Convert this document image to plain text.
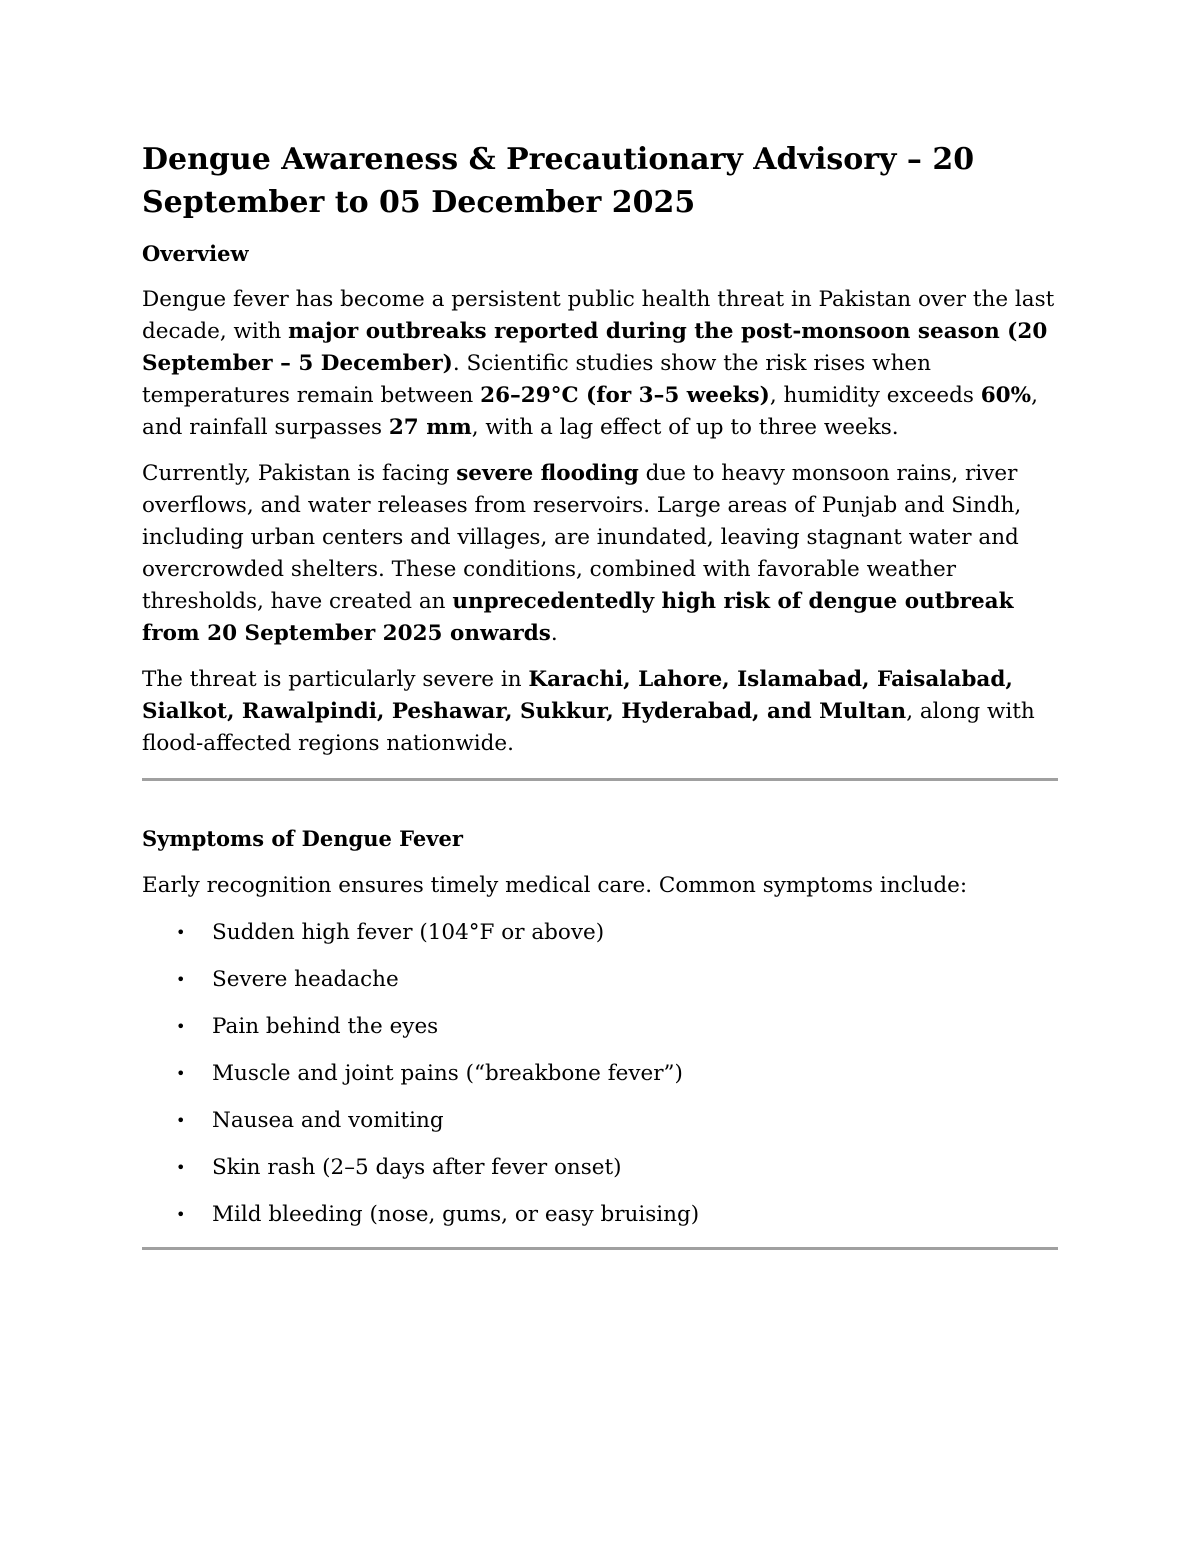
Dengue Awareness & Precautionary Advisory – 20 September to 05 December 2025
Overview

Dengue fever has become a persistent public health threat in Pakistan over the last decade, with major outbreaks reported during the post-monsoon season (20 September – 5 December). Scientific studies show the risk rises when temperatures remain between 26–29°C (for 3–5 weeks), humidity exceeds 60%, and rainfall surpasses 27 mm, with a lag effect of up to three weeks.

Currently, Pakistan is facing severe flooding due to heavy monsoon rains, river overflows, and water releases from reservoirs. Large areas of Punjab and Sindh, including urban centers and villages, are inundated, leaving stagnant water and overcrowded shelters. These conditions, combined with favorable weather thresholds, have created an unprecedentedly high risk of dengue outbreak from 20 September 2025 onwards.

The threat is particularly severe in Karachi, Lahore, Islamabad, Faisalabad, Sialkot, Rawalpindi, Peshawar, Sukkur, Hyderabad, and Multan, along with flood-affected regions nationwide.

Symptoms of Dengue Fever

Early recognition ensures timely medical care. Common symptoms include:

• Sudden high fever (104°F or above)
• Severe headache
• Pain behind the eyes
• Muscle and joint pains (“breakbone fever”)
• Nausea and vomiting
• Skin rash (2–5 days after fever onset)
• Mild bleeding (nose, gums, or easy bruising)
